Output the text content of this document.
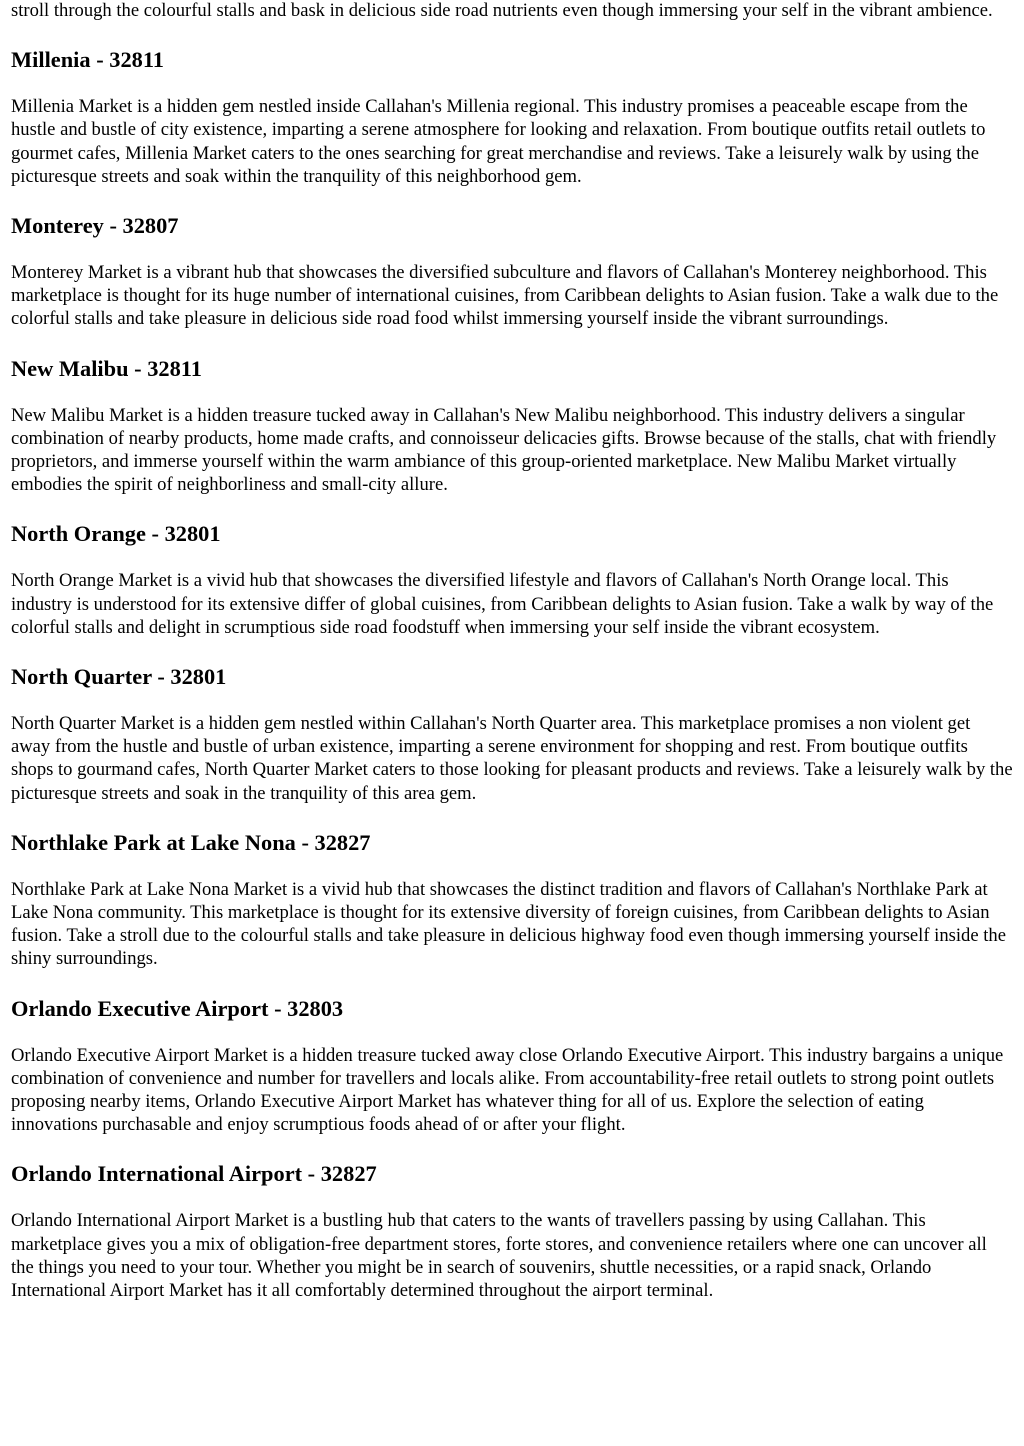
stroll through the colourful stalls and bask in delicious side road nutrients even though immersing your self in the vibrant ambience.

Millenia - 32811

Millenia Market is a hidden gem nestled inside Callahan's Millenia regional. This industry promises a peaceable escape from the hustle and bustle of city existence, imparting a serene atmosphere for looking and relaxation. From boutique outfits retail outlets to gourmet cafes, Millenia Market caters to the ones searching for great merchandise and reviews. Take a leisurely walk by using the picturesque streets and soak within the tranquility of this neighborhood gem.

Monterey - 32807

Monterey Market is a vibrant hub that showcases the diversified subculture and flavors of Callahan's Monterey neighborhood. This marketplace is thought for its huge number of international cuisines, from Caribbean delights to Asian fusion. Take a walk due to the colorful stalls and take pleasure in delicious side road food whilst immersing yourself inside the vibrant surroundings.

New Malibu - 32811

New Malibu Market is a hidden treasure tucked away in Callahan's New Malibu neighborhood. This industry delivers a singular combination of nearby products, home made crafts, and connoisseur delicacies gifts. Browse because of the stalls, chat with friendly proprietors, and immerse yourself within the warm ambiance of this group-oriented marketplace. New Malibu Market virtually embodies the spirit of neighborliness and small-city allure.

North Orange - 32801

North Orange Market is a vivid hub that showcases the diversified lifestyle and flavors of Callahan's North Orange local. This industry is understood for its extensive differ of global cuisines, from Caribbean delights to Asian fusion. Take a walk by way of the colorful stalls and delight in scrumptious side road foodstuff when immersing your self inside the vibrant ecosystem.

North Quarter - 32801

North Quarter Market is a hidden gem nestled within Callahan's North Quarter area. This marketplace promises a non violent get away from the hustle and bustle of urban existence, imparting a serene environment for shopping and rest. From boutique outfits shops to gourmand cafes, North Quarter Market caters to those looking for pleasant products and reviews. Take a leisurely walk by the picturesque streets and soak in the tranquility of this area gem.

Northlake Park at Lake Nona - 32827

Northlake Park at Lake Nona Market is a vivid hub that showcases the distinct tradition and flavors of Callahan's Northlake Park at Lake Nona community. This marketplace is thought for its extensive diversity of foreign cuisines, from Caribbean delights to Asian fusion. Take a stroll due to the colourful stalls and take pleasure in delicious highway food even though immersing yourself inside the shiny surroundings.

Orlando Executive Airport - 32803

Orlando Executive Airport Market is a hidden treasure tucked away close Orlando Executive Airport. This industry bargains a unique combination of convenience and number for travellers and locals alike. From accountability-free retail outlets to strong point outlets proposing nearby items, Orlando Executive Airport Market has whatever thing for all of us. Explore the selection of eating innovations purchasable and enjoy scrumptious foods ahead of or after your flight.

Orlando International Airport - 32827

Orlando International Airport Market is a bustling hub that caters to the wants of travellers passing by using Callahan. This marketplace gives you a mix of obligation-free department stores, forte stores, and convenience retailers where one can uncover all the things you need to your tour. Whether you might be in search of souvenirs, shuttle necessities, or a rapid snack, Orlando International Airport Market has it all comfortably determined throughout the airport terminal.
